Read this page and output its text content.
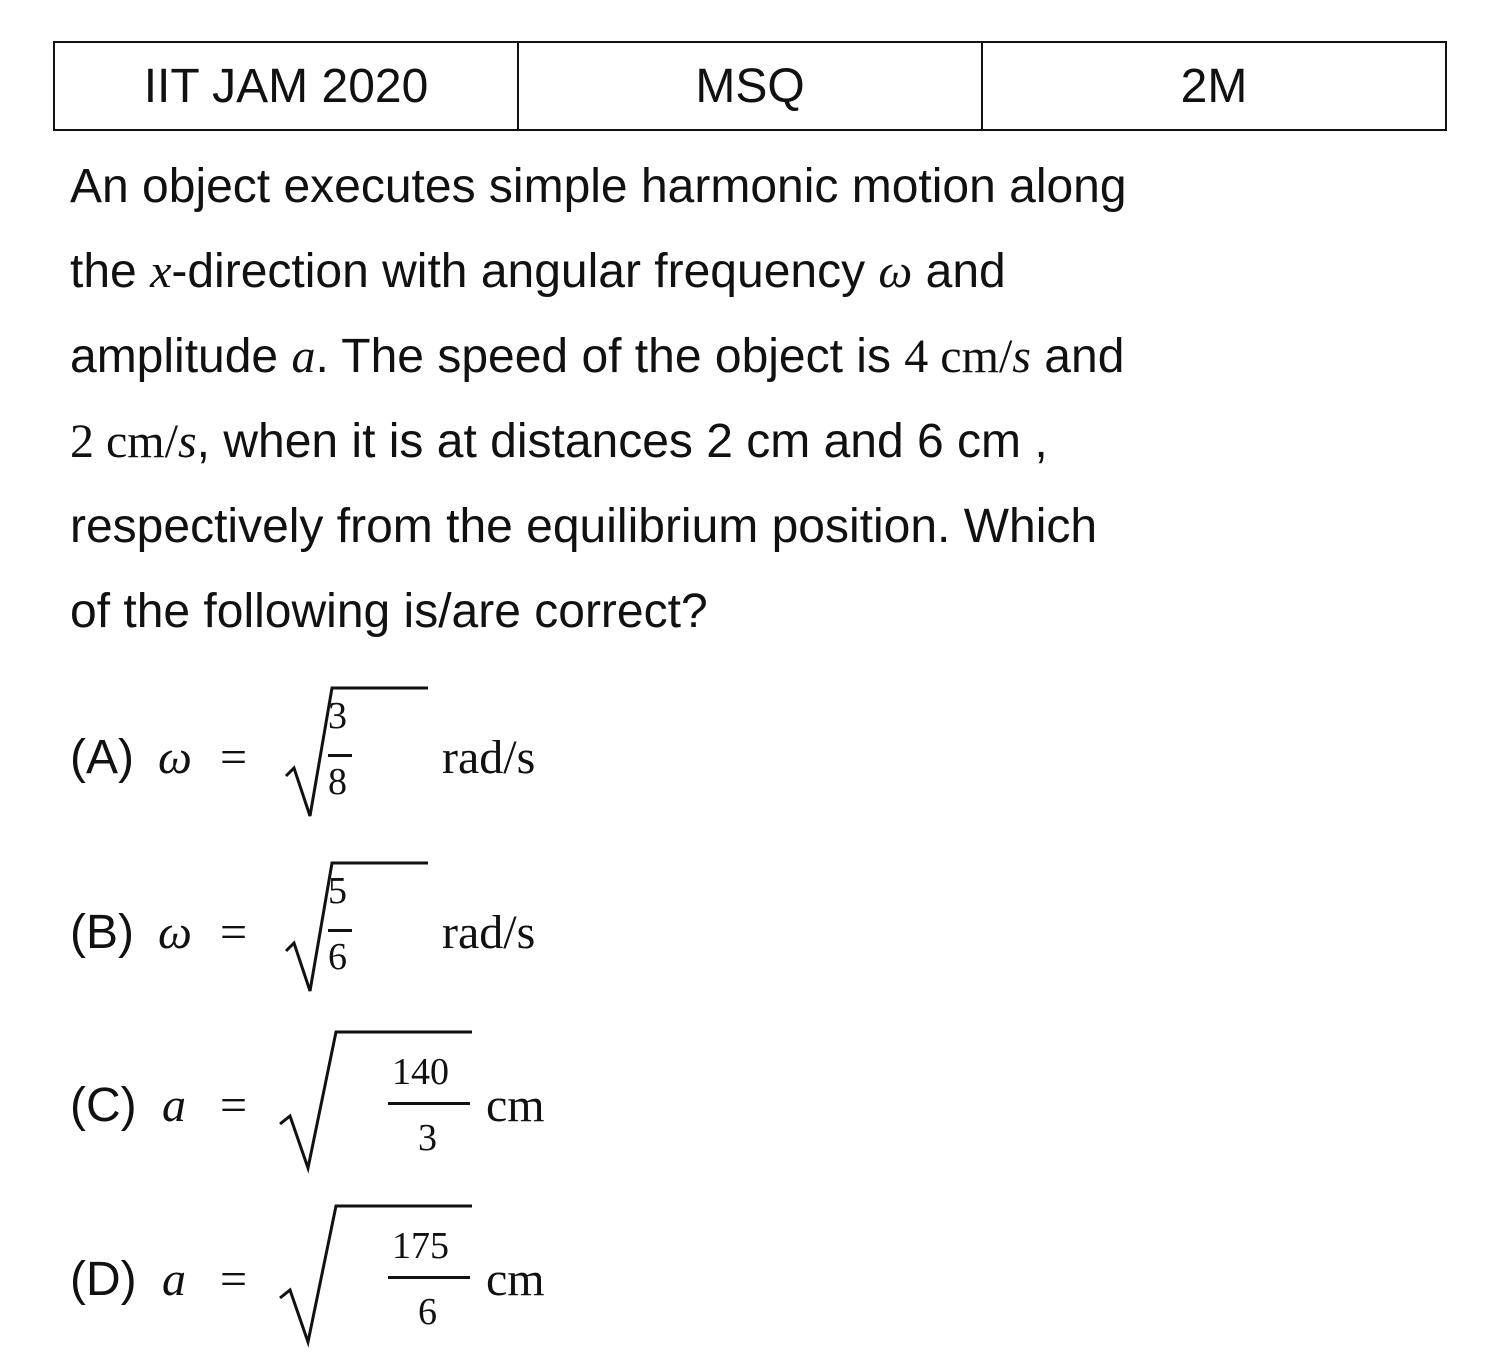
IIT JAM 2020	MSQ	2M
An object executes simple harmonic motion along
the x-direction with angular frequency ω and
amplitude a. The speed of the object is 4 cm/s and
2 cm/s, when it is at distances 2 cm and 6 cm ,
respectively from the equilibrium position. Which
of the following is/are correct?
(A) ω =
3
8 rad/s
(B) ω =
5
6 rad/s
(C) a =
140
3
cm
(D) a =
175
6
cm
